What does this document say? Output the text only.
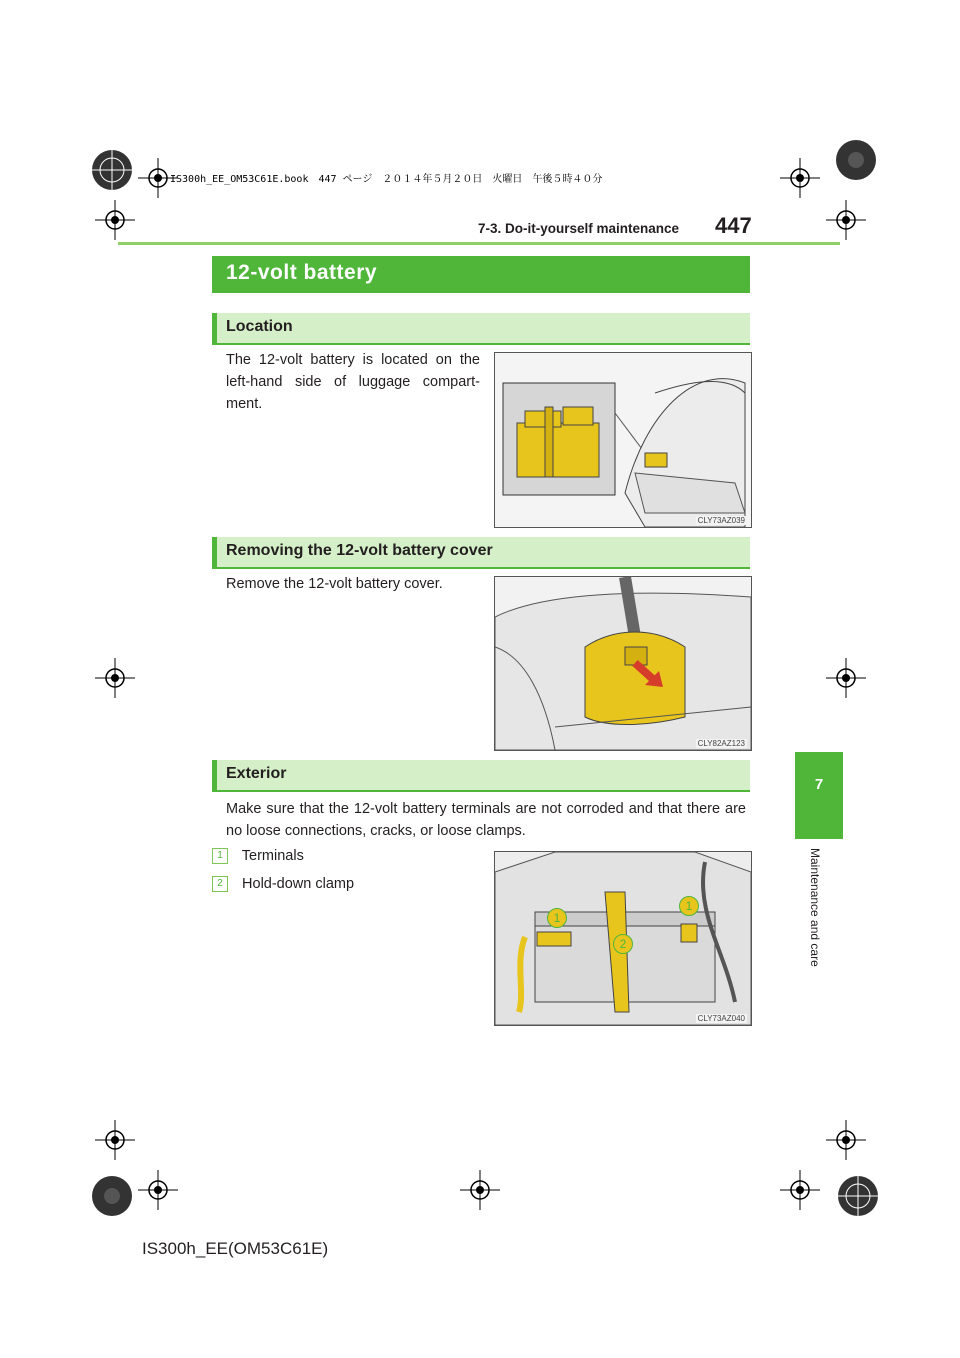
IS300h_EE_OM53C61E.book　447 ページ　２０１４年５月２０日　火曜日　午後５時４０分
7-3. Do-it-yourself maintenance 447
7
Maintenance and care
12-volt battery
Location
The 12-volt battery is located on the left-hand side of luggage compart-ment.
CLY73AZ039
Removing the 12-volt battery cover
Remove the 12-volt battery cover.
CLY82AZ123
Exterior
Make sure that the 12-volt battery terminals are not corroded and that there are no loose connections, cracks, or loose clamps.
1 Terminals
2 Hold-down clamp
1
2
1
CLY73AZ040
IS300h_EE(OM53C61E)
